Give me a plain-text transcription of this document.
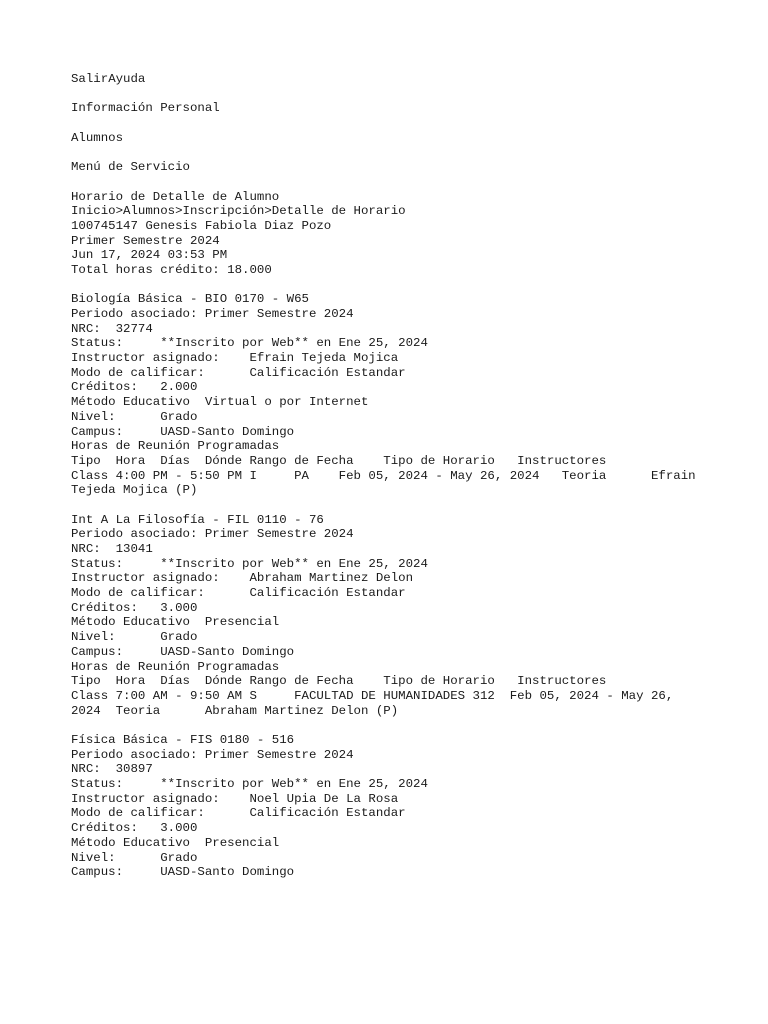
SalirAyuda
Información Personal
Alumnos
Menú de Servicio
Horario de Detalle de Alumno
Inicio>Alumnos>Inscripción>Detalle de Horario
100745147 Genesis Fabiola Diaz Pozo
Primer Semestre 2024
Jun 17, 2024 03:53 PM
Total horas crédito: 18.000
Biología Básica - BIO 0170 - W65
Periodo asociado: Primer Semestre 2024
NRC:  32774
Status:     **Inscrito por Web** en Ene 25, 2024
Instructor asignado:    Efrain Tejeda Mojica
Modo de calificar:      Calificación Estandar
Créditos:   2.000
Método Educativo  Virtual o por Internet
Nivel:      Grado
Campus:     UASD-Santo Domingo
Horas de Reunión Programadas
Tipo  Hora  Días  Dónde Rango de Fecha    Tipo de Horario   Instructores
Class 4:00 PM - 5:50 PM I     PA    Feb 05, 2024 - May 26, 2024   Teoria      Efrain
Tejeda Mojica (P)
Int A La Filosofía - FIL 0110 - 76
Periodo asociado: Primer Semestre 2024
NRC:  13041
Status:     **Inscrito por Web** en Ene 25, 2024
Instructor asignado:    Abraham Martinez Delon
Modo de calificar:      Calificación Estandar
Créditos:   3.000
Método Educativo  Presencial
Nivel:      Grado
Campus:     UASD-Santo Domingo
Horas de Reunión Programadas
Tipo  Hora  Días  Dónde Rango de Fecha    Tipo de Horario   Instructores
Class 7:00 AM - 9:50 AM S     FACULTAD DE HUMANIDADES 312  Feb 05, 2024 - May 26,
2024  Teoria      Abraham Martinez Delon (P)
Física Básica - FIS 0180 - 516
Periodo asociado: Primer Semestre 2024
NRC:  30897
Status:     **Inscrito por Web** en Ene 25, 2024
Instructor asignado:    Noel Upia De La Rosa
Modo de calificar:      Calificación Estandar
Créditos:   3.000
Método Educativo  Presencial
Nivel:      Grado
Campus:     UASD-Santo Domingo
